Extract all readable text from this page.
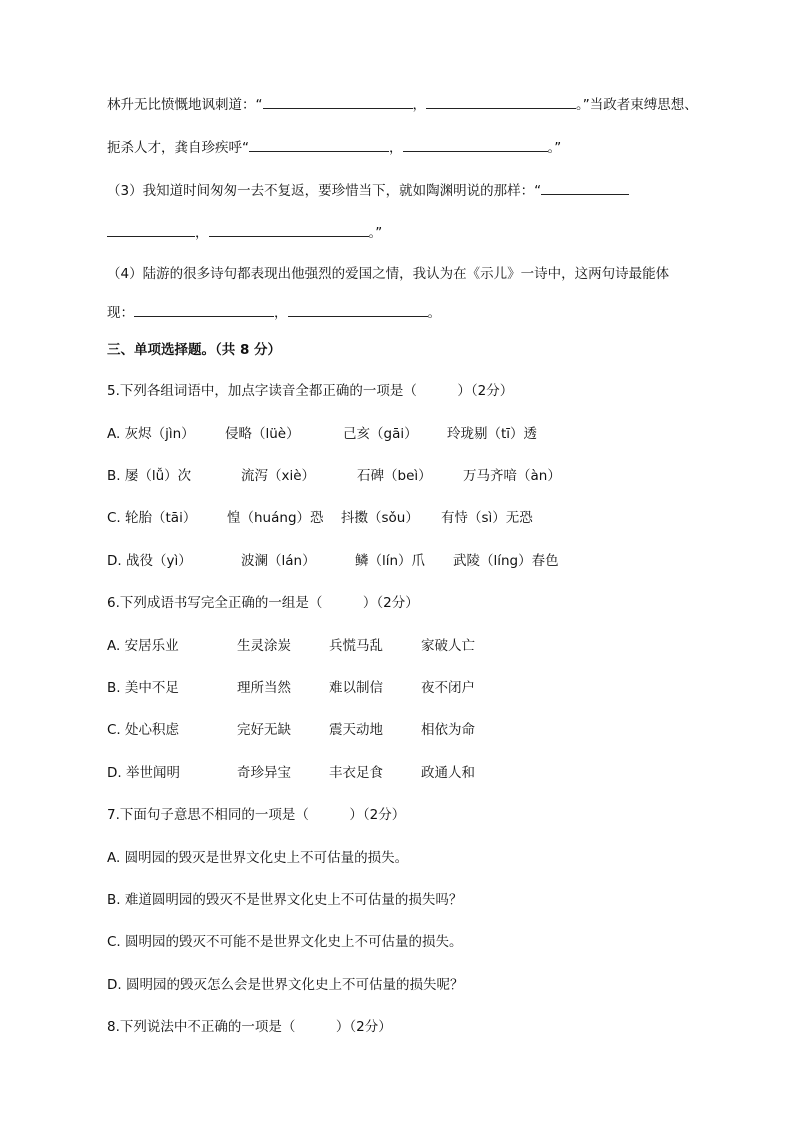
林升无比愤慨地讽刺道：“	，	。”当政者束缚思想、
扼杀人才，龚自珍疾呼“	，	。”
（3）我知道时间匆匆一去不复返，要珍惜当下，就如陶渊明说的那样：“
，	。”
（4）陆游的很多诗句都表现出他强烈的爱国之情，我认为在《示儿》一诗中，这两句诗最能体
现：	，	。
三、单项选择题。（共 8 分）
5.下列各组词语中，加点字读音全都正确的一项是（　　　）（2分）
A. 灰烬（jìn） 侵略（lüè）	己亥（gāi） 玲珑剔（tī）透
B. 屡（lǚ）次	流泻（xiè）	石碑（beì） 万马齐喑（àn）
C. 轮胎（tāi） 惶（huáng）恐 抖擞（sǒu） 有恃（sì）无恐
D. 战役（yì）	波澜（lán）	鳞（lín）爪 武陵（líng）春色
6.下列成语书写完全正确的一组是（　　　）（2分）
A. 安居乐业	生灵涂炭	兵慌马乱	家破人亡
B. 美中不足	理所当然	难以制信	夜不闭户
C. 处心积虑	完好无缺	震天动地	相依为命
D. 举世闻明	奇珍异宝	丰衣足食	政通人和
7.下面句子意思不相同的一项是（　　　）（2分）
A. 圆明园的毁灭是世界文化史上不可估量的损失。
B. 难道圆明园的毁灭不是世界文化史上不可估量的损失吗？
C. 圆明园的毁灭不可能不是世界文化史上不可估量的损失。
D. 圆明园的毁灭怎么会是世界文化史上不可估量的损失呢？
8.下列说法中不正确的一项是（　　　）（2分）
